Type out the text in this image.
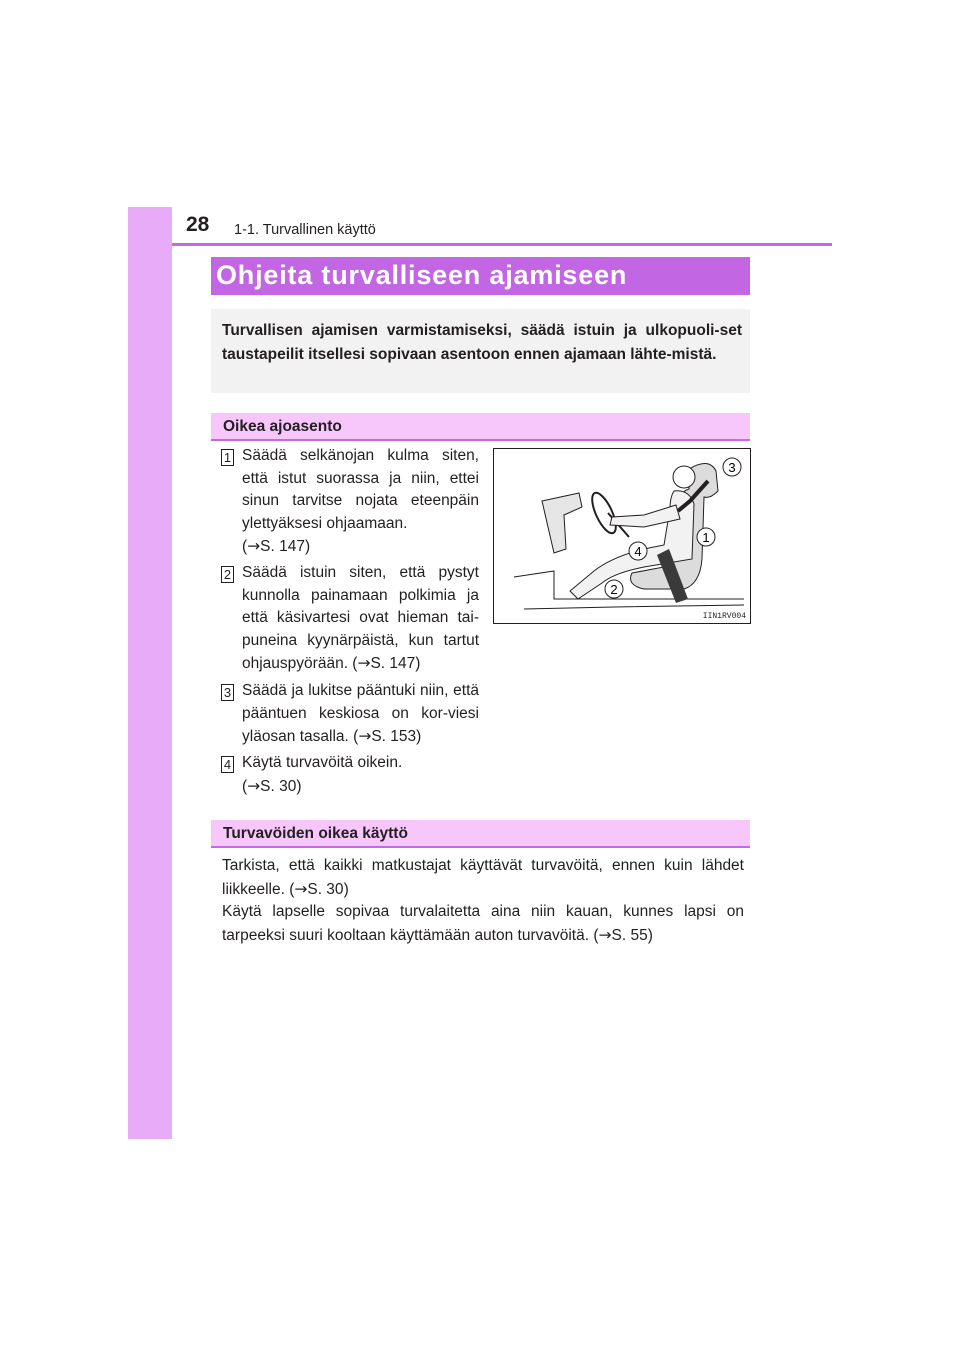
28 1-1. Turvallinen käyttö
Ohjeita turvalliseen ajamiseen
Turvallisen ajamisen varmistamiseksi, säädä istuin ja ulkopuoli-set taustapeilit itsellesi sopivaan asentoon ennen ajamaan lähte-mistä.
Oikea ajoasento
1 Säädä selkänojan kulma siten, että istut suorassa ja niin, ettei sinun tarvitse nojata eteenpäin ylettyäksesi ohjaamaan.
(→S. 147)
2 Säädä istuin siten, että pystyt kunnolla painamaan polkimia ja että käsivartesi ovat hieman tai-puneina kyynärpäistä, kun tartut ohjauspyörään. (→S. 147)
3 Säädä ja lukitse pääntuki niin, että pääntuen keskiosa on kor-viesi yläosan tasalla. (→S. 153)
4 Käytä turvavöitä oikein.
(→S. 30)
3
1
4
2
IIN1RV004
Turvavöiden oikea käyttö

Tarkista, että kaikki matkustajat käyttävät turvavöitä, ennen kuin lähdet liikkeelle. (→S. 30)

Käytä lapselle sopivaa turvalaitetta aina niin kauan, kunnes lapsi on tarpeeksi suuri kooltaan käyttämään auton turvavöitä. (→S. 55)
